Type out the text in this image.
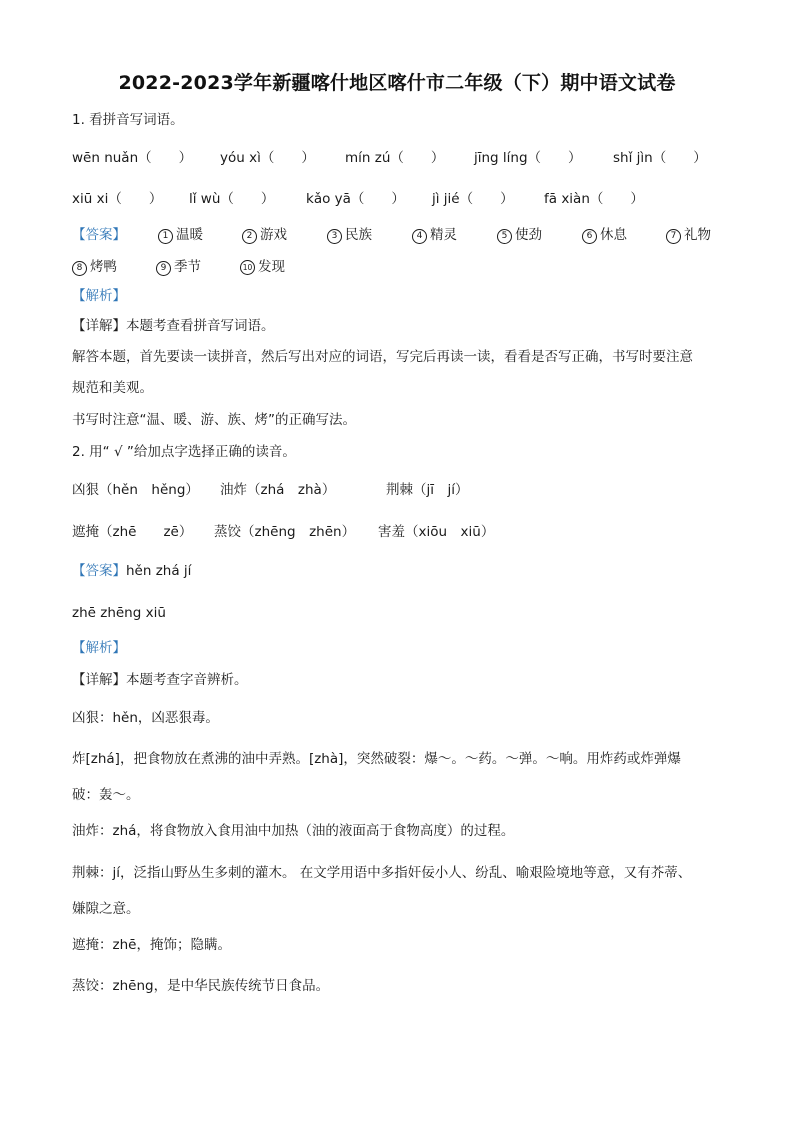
2022-2023学年新疆喀什地区喀什市二年级（下）期中语文试卷
1. 看拼音写词语。
wēn nuǎn（　　） yóu xì（　　） mín zú（　　） jīng líng（　　） shǐ jìn（　　）
xiū xi（　　） lǐ wù（　　） kǎo yā（　　） jì jié（　　） fā xiàn（　　）
【答案】	1 温暖	2 游戏	3 民族	4 精灵	5 使劲	6 休息	7 礼物
8 烤鸭	9 季节	10 发现
【解析】
【详解】本题考查看拼音写词语。
解答本题，首先要读一读拼音，然后写出对应的词语，写完后再读一读，看看是否写正确，书写时要注意
规范和美观。
书写时注意“温、暖、游、族、烤”的正确写法。
2. 用“ √ ”给加点字选择正确的读音。
凶狠（hěn　hěng） 油炸（zhá　zhà）	荆棘（jī　jí）
遮掩（zhē　　zē） 蒸饺（zhēng　zhēn） 害羞（xiōu　xiū）
【答案】hěn zhá jí
zhē zhēng xiū
【解析】
【详解】本题考查字音辨析。
凶狠：hěn，凶恶狠毒。
炸[zhá]，把食物放在煮沸的油中弄熟。[zhà]，突然破裂：爆～。～药。～弹。～响。用炸药或炸弹爆
破：轰～。
油炸：zhá，将食物放入食用油中加热（油的液面高于食物高度）的过程。
荆棘：jí，泛指山野丛生多刺的灌木。 在文学用语中多指奸佞小人、纷乱、喻艰险境地等意，又有芥蒂、
嫌隙之意。
遮掩：zhē，掩饰；隐瞒。
蒸饺：zhēng，是中华民族传统节日食品。
